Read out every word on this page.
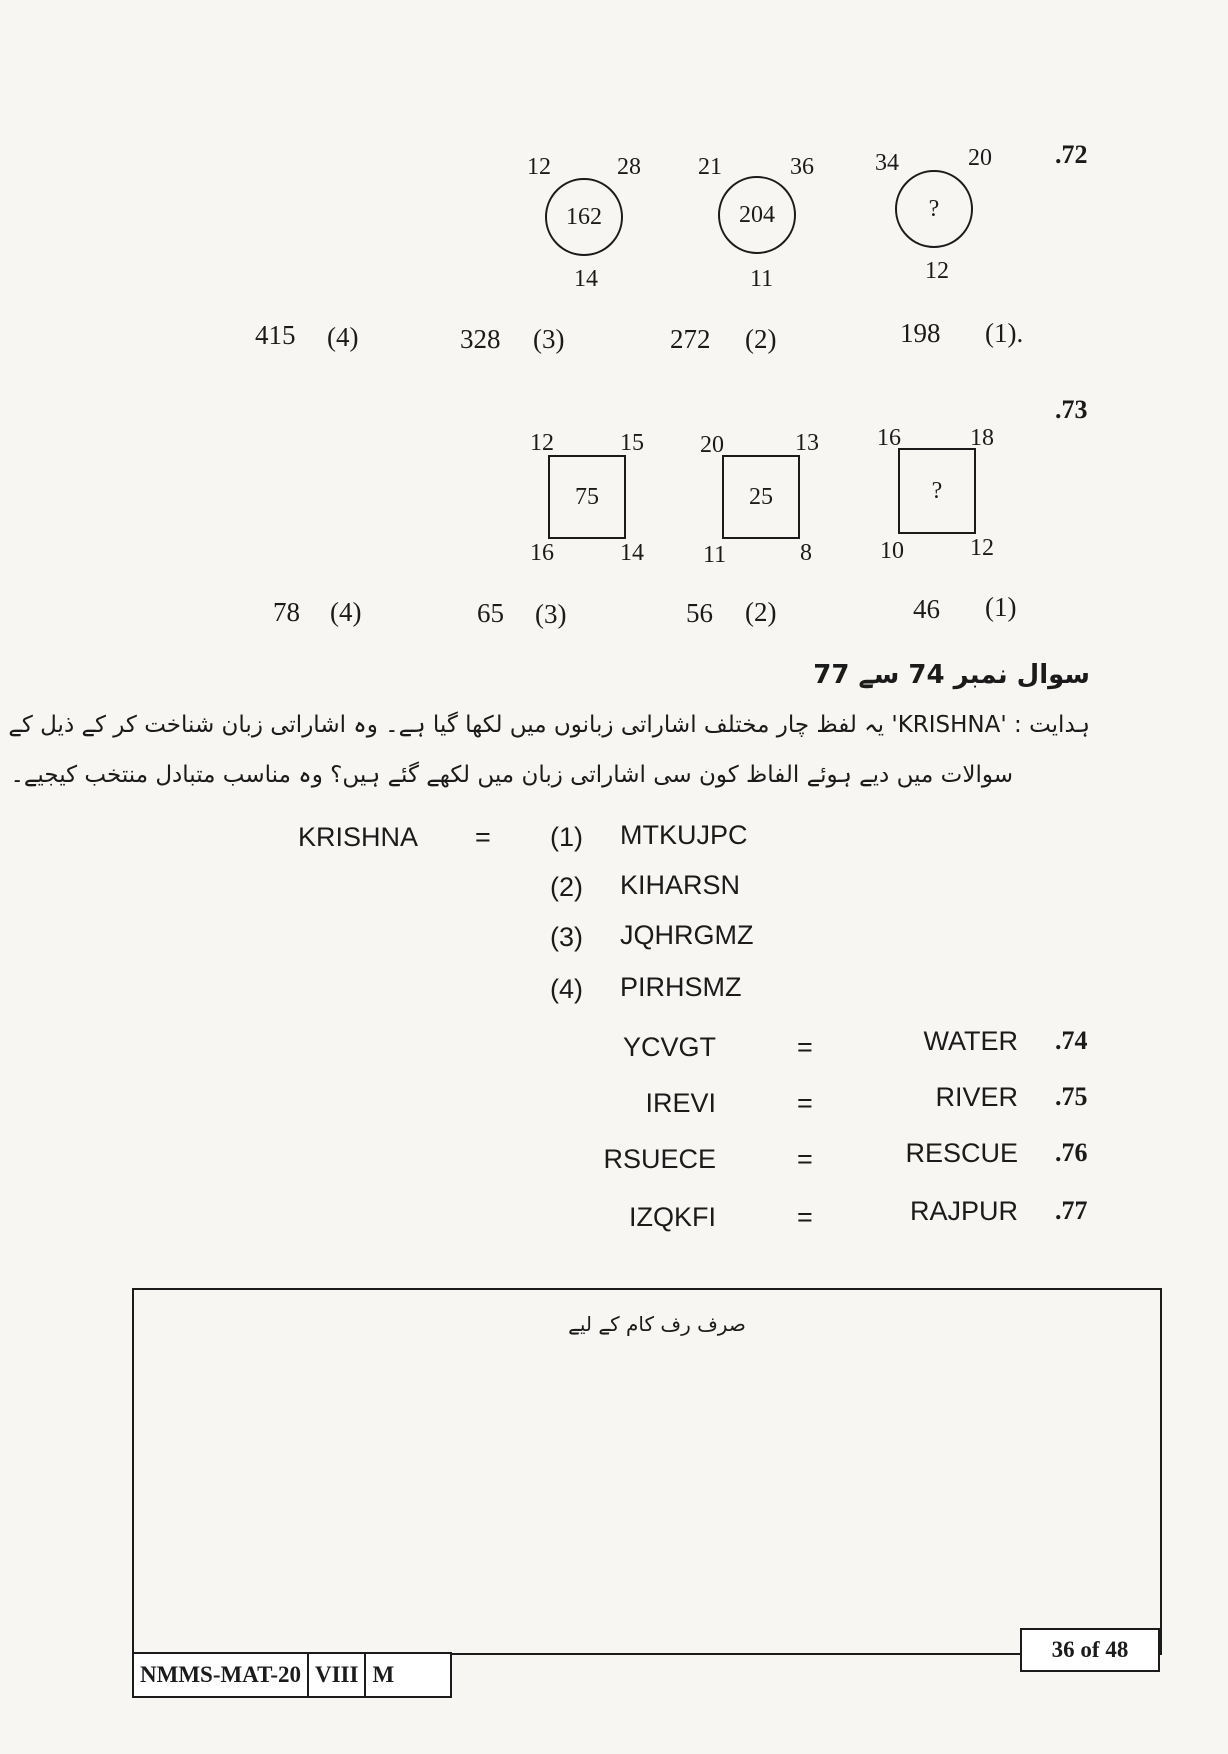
.72
12	28
162
14
21	36
204
11
34	20
?
12
(1).
198
(2)
272
(3)
328
(4)
415
.73
12	15
75
16	14
20	13
25
11	8
16	18
?
10	12
(1)
46
(2)
56
(3)
65
(4)
78
سوال نمبر 74 سے 77
ہدایت : 'KRISHNA' یہ لفظ چار مختلف اشاراتی زبانوں میں لکھا گیا ہے۔ وہ اشاراتی زبان شناخت کر کے ذیل کے
سوالات میں دیے ہوئے الفاظ کون سی اشاراتی زبان میں لکھے گئے ہیں؟ وہ مناسب متبادل منتخب کیجیے۔
KRISHNA = (1) MTKUJPC
(2) KIHARSN
(3) JQHRGMZ
(4) PIRHSMZ
.74
WATER
=
YCVGT
.75
RIVER
=
IREVI
.76
RESCUE
=
RSUECE
.77
RAJPUR
=
IZQKFI
صرف رف کام کے لیے
NMMS-MAT-20 VIII M
36 of 48
